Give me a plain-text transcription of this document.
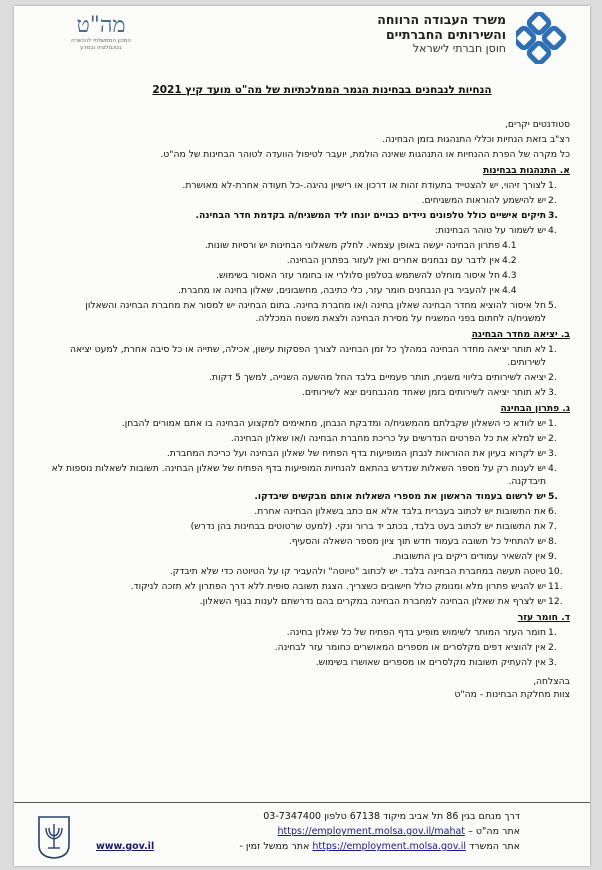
משרד העבודה הרווחה
והשירותים החברתיים
חוסן חברתי לישראל
מה"ט
המכון הממשלתי להכשרה בטכנולוגיה ובמדע
הנחיות לנבחנים בבחינות הגמר הממלכתיות של מה"ט מועד קיץ 2021
סטודנטים יקרים,
רצ"ב בזאת הנחיות וכללי התנהגות בזמן הבחינה.
כל מקרה של הפרת ההנחיות או התנהגות שאינה הולמת, יועבר לטיפול הוועדה לטוהר הבחינות של מה"ט.
א. התנהגות בבחינות
1.
לצורך זיהוי, יש להצטייד בתעודת זהות או דרכון או רישיון נהיגה.-כל תעודה אחרת-לא מאושרת.
2.
יש להישמע להוראות המשגיחים.
3.
תיקים אישיים כולל טלפונים ניידים כבויים יונחו ליד המשגיח/ה בקדמת חדר הבחינה.
4.
יש לשמור על טוהר הבחינות:
4.1
פתרון הבחינה יעשה באופן עצמאי. לחלק משאלוני הבחינות יש ורסיות שונות.
4.2
אין לדבר עם נבחנים אחרים ואין לעזור בפתרון הבחינה.
4.3
חל איסור מוחלט להשתמש בטלפון סלולרי או בחומר עזר האסור בשימוש.
4.4
אין להעביר בין הנבחנים חומר עזר, כלי כתיבה, מחשבונים, שאלון בחינה או מחברת.
5.
חל איסור להוציא מחדר הבחינה שאלון בחינה ו/או מחברת בחינה. בתום הבחינה יש למסור את מחברת הבחינה והשאלון למשגיח/ה לחתום בפני המשגיח על מסירת הבחינה ולצאת משטח המכללה.
ב. יציאה מחדר הבחינה
1.
לא תותר יציאה מחדר הבחינה במהלך כל זמן הבחינה לצורך הפסקות עישון, אכילה, שתייה או כל סיבה אחרת, למעט יציאה לשירותים.
2.
יציאה לשירותים בליווי משגיח, תותר פעמיים בלבד החל מהשעה השנייה, למשך 5 דקות.
3.
לא תותר יציאה לשירותים בזמן שאחד מהנבחנים יצא לשירותים.
ג. פתרון הבחינה
1.
יש לוודא כי השאלון שקבלתם מהמשגיח/ה ומדבקת הנבחן, מתאימים למקצוע הבחינה בו אתם אמורים להבחן.
2.
יש למלא את כל הפרטים הנדרשים על כריכת מחברת הבחינה ו/או שאלון הבחינה.
3.
יש לקרוא בעיון את ההוראות לנבחן המופיעות בדף הפתיח של שאלון הבחינה ועל כריכת המחברת.
4.
יש לענות רק על מספר השאלות שנדרש בהתאם להנחיות המופיעות בדף הפתיח של שאלון הבחינה. תשובות לשאלות נוספות לא תיבדקנה.
5.
יש לרשום בעמוד הראשון את מספרי השאלות אותם מבקשים שיבדקו.
6.
את התשובות יש לכתוב בעברית בלבד אלא אם כתב בשאלון הבחינה אחרת.
7.
את התשובות יש לכתוב בעט בלבד, בכתב יד ברור ונקי. (למעט שרטוטים בבחינות בהן נדרש)
8.
יש להתחיל כל תשובה בעמוד חדש תוך ציון מספר השאלה והסעיף.
9.
אין להשאיר עמודים ריקים בין התשובות.
10.
טיוטה תעשה במחברת הבחינה בלבד. יש לכתוב "טיוטה" ולהעביר קו על הטיוטה כדי שלא תיבדק.
11.
יש להגיש פתרון מלא ומנומק כולל חישובים כשצריך. הצגת תשובה סופית ללא דרך הפתרון לא תזכה לניקוד.
12.
יש לצרף את שאלון הבחינה למחברת הבחינה במקרים בהם נדרשתם לענות בגוף השאלון.
ד. חומר עזר
1.
חומר העזר המותר לשימוש מופיע בדף הפתיח של כל שאלון בחינה.
2.
אין להוציא דפים מקלסרים או מספרים המאושרים כחומר עזר לבחינה.
3.
אין להעתיק תשובות מקלסרים או מספרים שאושרו בשימוש.
בהצלחה,
צוות מחלקת הבחינות - מה"ט
דרך מנחם בגין 86 תל אביב מיקוד 67138 טלפון 03-7347400
אתר מה"ט – https://employment.molsa.gov.il/mahat
אתר המשרד https://employment.molsa.gov.il אתר ממשל זמין -
www.gov.il
